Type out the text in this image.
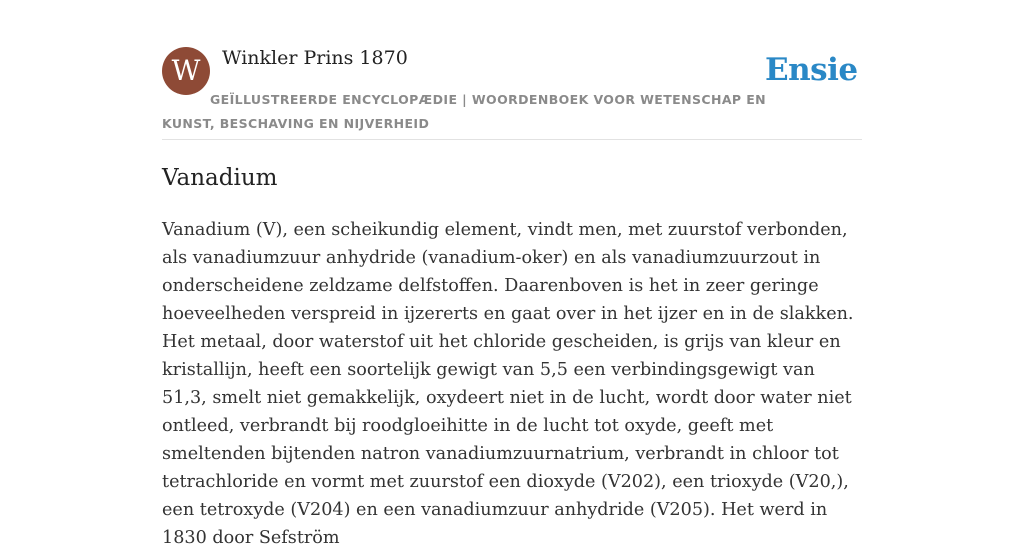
W	Winkler Prins 1870	Ensie

GEÏLLUSTREERDE ENCYCLOPÆDIE | WOORDENBOEK VOOR WETENSCHAP EN KUNST, BESCHAVING EN NIJVERHEID

Vanadium

Vanadium (V), een scheikundig element, vindt men, met zuurstof verbonden, als vanadiumzuur anhydride (vanadium-oker) en als vanadiumzuurzout in onderscheidene zeldzame delfstoffen. Daarenboven is het in zeer geringe hoeveelheden verspreid in ijzererts en gaat over in het ijzer en in de slakken. Het metaal, door waterstof uit het chloride gescheiden, is grijs van kleur en kristallijn, heeft een soortelijk gewigt van 5,5 een verbindingsgewigt van 51,3, smelt niet gemakkelijk, oxydeert niet in de lucht, wordt door water niet ontleed, verbrandt bij roodgloeihitte in de lucht tot oxyde, geeft met smeltenden bijtenden natron vanadiumzuurnatrium, verbrandt in chloor tot tetrachloride en vormt met zuurstof een dioxyde (V202), een trioxyde (V20,), een tetroxyde (V204) en een vanadiumzuur anhydride (V205). Het werd in 1830 door Sefström
